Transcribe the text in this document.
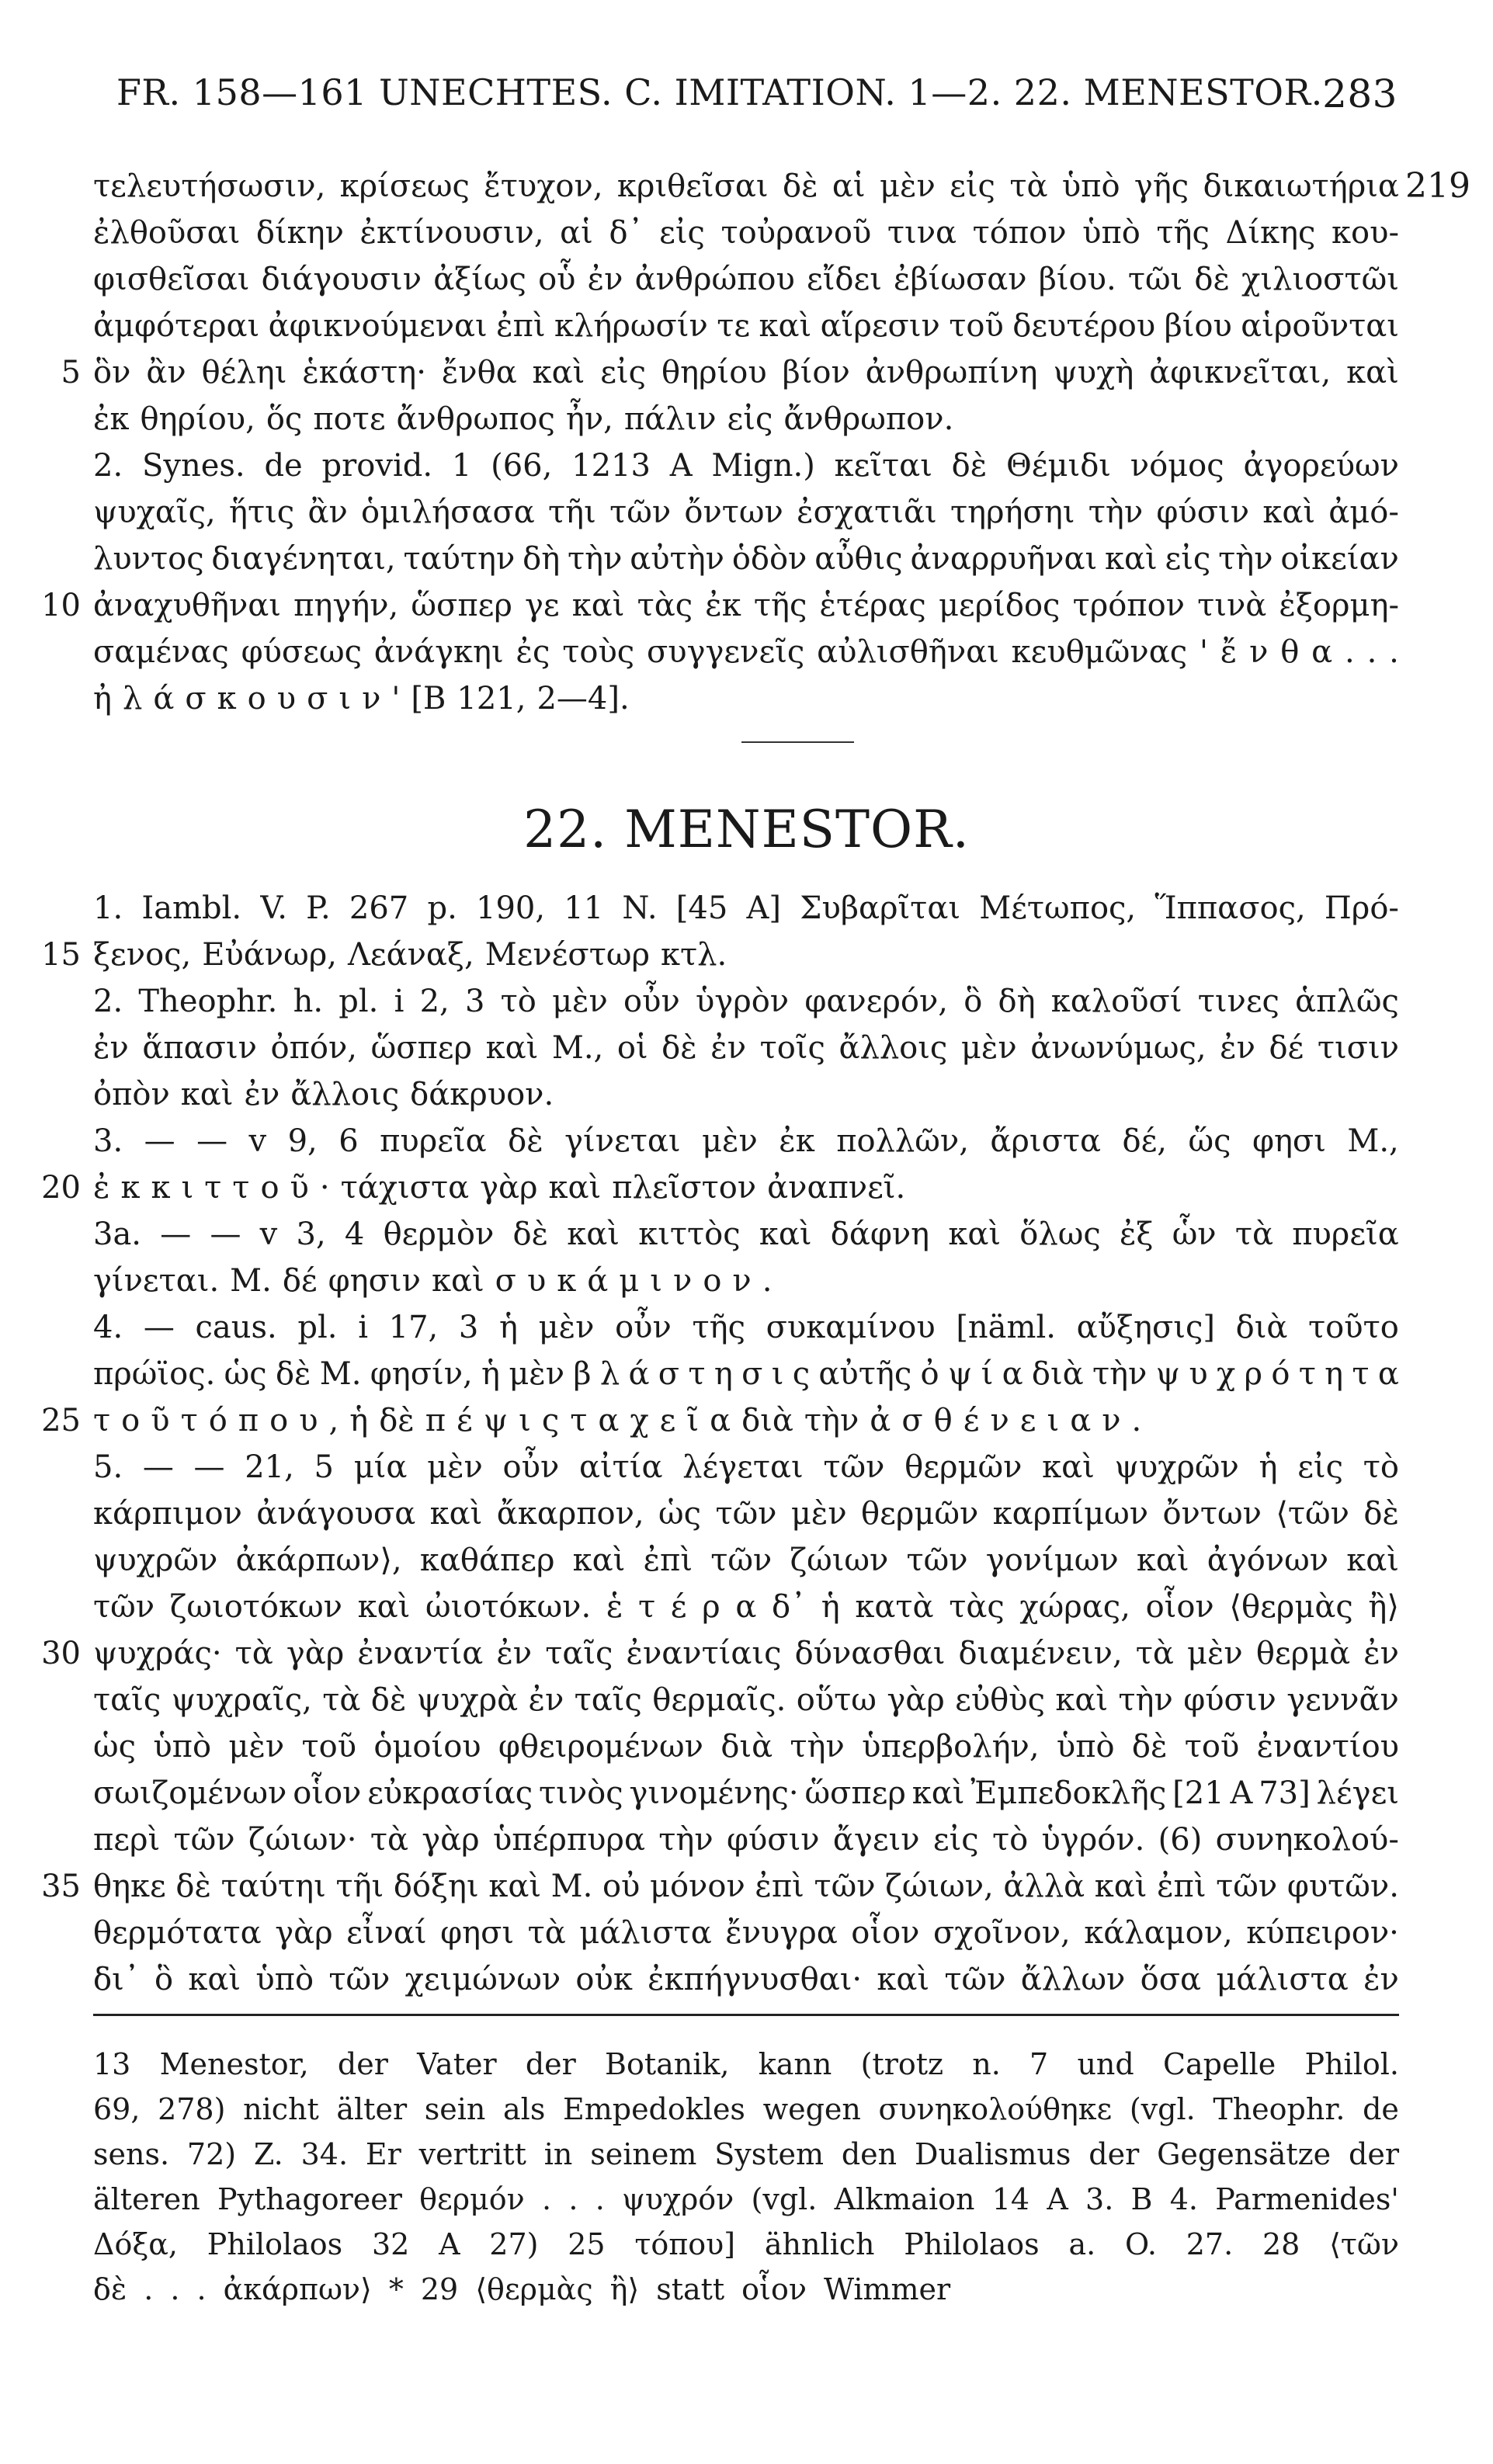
FR. 158—161 UNECHTES. C. IMITATION. 1—2. 22. MENESTOR. 283
τελευτήσωσιν, κρίσεως ἔτυχον, κριθεῖσαι δὲ αἱ μὲν εἰς τὰ ὑπὸ γῆς δικαιωτήρια 219
ἐλθοῦσαι δίκην ἐκτίνουσιν, αἱ δ᾽ εἰς τοὐρανοῦ τινα τόπον ὑπὸ τῆς Δίκης κου-
φισθεῖσαι διάγουσιν ἀξίως οὗ ἐν ἀνθρώπου εἴδει ἐβίωσαν βίου. τῶι δὲ χιλιοστῶι
ἀμφότεραι ἀφικνούμεναι ἐπὶ κλήρωσίν τε καὶ αἵρεσιν τοῦ δευτέρου βίου αἱροῦνται
ὃν ἂν θέληι ἑκάστη· ἔνθα καὶ εἰς θηρίου βίον ἀνθρωπίνη ψυχὴ ἀφικνεῖται, καὶ
5
ἐκ θηρίου, ὅς ποτε ἄνθρωπος ἦν, πάλιν εἰς ἄνθρωπον.
2. Synes. de provid. 1 (66, 1213 A Mign.) κεῖται δὲ Θέμιδι νόμος ἀγορεύων
ψυχαῖς, ἥτις ἂν ὁμιλήσασα τῆι τῶν ὄντων ἐσχατιᾶι τηρήσηι τὴν φύσιν καὶ ἀμό-
λυντος διαγένηται, ταύτην δὴ τὴν αὐτὴν ὁδὸν αὖθις ἀναρρυῆναι καὶ εἰς τὴν οἰκείαν
ἀναχυθῆναι πηγήν, ὥσπερ γε καὶ τὰς ἐκ τῆς ἑτέρας μερίδος τρόπον τινὰ ἐξορμη-
10
σαμένας φύσεως ἀνάγκηι ἐς τοὺς συγγενεῖς αὐλισθῆναι κευθμῶνας ' ἔ ν θ α . . .
ἠ λ ά σ κ ο υ σ ι ν ' [B 121, 2—4].
22. MENESTOR.
1. Iambl. V. P. 267 p. 190, 11 N. [45 A] Συβαρῖται Μέτωπος, Ἵππασος, Πρό-
ξενος, Εὐάνωρ, Λεάναξ, Μενέστωρ κτλ.
15
2. Theophr. h. pl. i 2, 3 τὸ μὲν οὖν ὑγρὸν φανερόν, ὃ δὴ καλοῦσί τινες ἁπλῶς
ἐν ἅπασιν ὀπόν, ὥσπερ καὶ Μ., οἱ δὲ ἐν τοῖς ἄλλοις μὲν ἀνωνύμως, ἐν δέ τισιν
ὀπὸν καὶ ἐν ἄλλοις δάκρυον.
3. — — v 9, 6 πυρεῖα δὲ γίνεται μὲν ἐκ πολλῶν, ἄριστα δέ, ὥς φησι Μ.,
ἐ κ κ ι τ τ ο ῦ · τάχιστα γὰρ καὶ πλεῖστον ἀναπνεῖ.
20
3a. — — v 3, 4 θερμὸν δὲ καὶ κιττὸς καὶ δάφνη καὶ ὅλως ἐξ ὧν τὰ πυρεῖα
γίνεται. Μ. δέ φησιν καὶ σ υ κ ά μ ι ν ο ν .
4. — caus. pl. i 17, 3 ἡ μὲν οὖν τῆς συκαμίνου [näml. αὔξησις] διὰ τοῦτο
πρώϊος. ὡς δὲ Μ. φησίν, ἡ μὲν β λ ά σ τ η σ ι ς αὐτῆς ὀ ψ ί α διὰ τὴν ψ υ χ ρ ό τ η τ α
τ ο ῦ τ ό π ο υ , ἡ δὲ π έ ψ ι ς τ α χ ε ῖ α διὰ τὴν ἀ σ θ έ ν ε ι α ν .
25
5. — — 21, 5 μία μὲν οὖν αἰτία λέγεται τῶν θερμῶν καὶ ψυχρῶν ἡ εἰς τὸ
κάρπιμον ἀνάγουσα καὶ ἄκαρπον, ὡς τῶν μὲν θερμῶν καρπίμων ὄντων ⟨τῶν δὲ
ψυχρῶν ἀκάρπων⟩, καθάπερ καὶ ἐπὶ τῶν ζώιων τῶν γονίμων καὶ ἀγόνων καὶ
τῶν ζωιοτόκων καὶ ὠιοτόκων. ἑ τ έ ρ α δ᾽ ἡ κατὰ τὰς χώρας, οἷον ⟨θερμὰς ἢ⟩
ψυχράς· τὰ γὰρ ἐναντία ἐν ταῖς ἐναντίαις δύνασθαι διαμένειν, τὰ μὲν θερμὰ ἐν
30
ταῖς ψυχραῖς, τὰ δὲ ψυχρὰ ἐν ταῖς θερμαῖς. οὕτω γὰρ εὐθὺς καὶ τὴν φύσιν γεννᾶν
ὡς ὑπὸ μὲν τοῦ ὁμοίου φθειρομένων διὰ τὴν ὑπερβολήν, ὑπὸ δὲ τοῦ ἐναντίου
σωιζομένων οἷον εὐκρασίας τινὸς γινομένης· ὥσπερ καὶ Ἐμπεδοκλῆς [21 A 73] λέγει
περὶ τῶν ζώιων· τὰ γὰρ ὑπέρπυρα τὴν φύσιν ἄγειν εἰς τὸ ὑγρόν. (6) συνηκολού-
θηκε δὲ ταύτηι τῆι δόξηι καὶ Μ. οὐ μόνον ἐπὶ τῶν ζώιων, ἀλλὰ καὶ ἐπὶ τῶν φυτῶν.
35
θερμότατα γὰρ εἶναί φησι τὰ μάλιστα ἔνυγρα οἷον σχοῖνον, κάλαμον, κύπειρον·
δι᾽ ὃ καὶ ὑπὸ τῶν χειμώνων οὐκ ἐκπήγνυσθαι· καὶ τῶν ἄλλων ὅσα μάλιστα ἐν
13 Menestor, der Vater der Botanik, kann (trotz n. 7 und Capelle Philol.
69, 278) nicht älter sein als Empedokles wegen συνηκολούθηκε (vgl. Theophr. de
sens. 72) Z. 34. Er vertritt in seinem System den Dualismus der Gegensätze der
älteren Pythagoreer θερμόν . . . ψυχρόν (vgl. Alkmaion 14 A 3. B 4. Parmenides'
Δόξα, Philolaos 32 A 27) 25 τόπου] ähnlich Philolaos a. O. 27. 28 ⟨τῶν
δὲ . . . ἀκάρπων⟩ * 29 ⟨θερμὰς ἢ⟩ statt οἷον Wimmer
